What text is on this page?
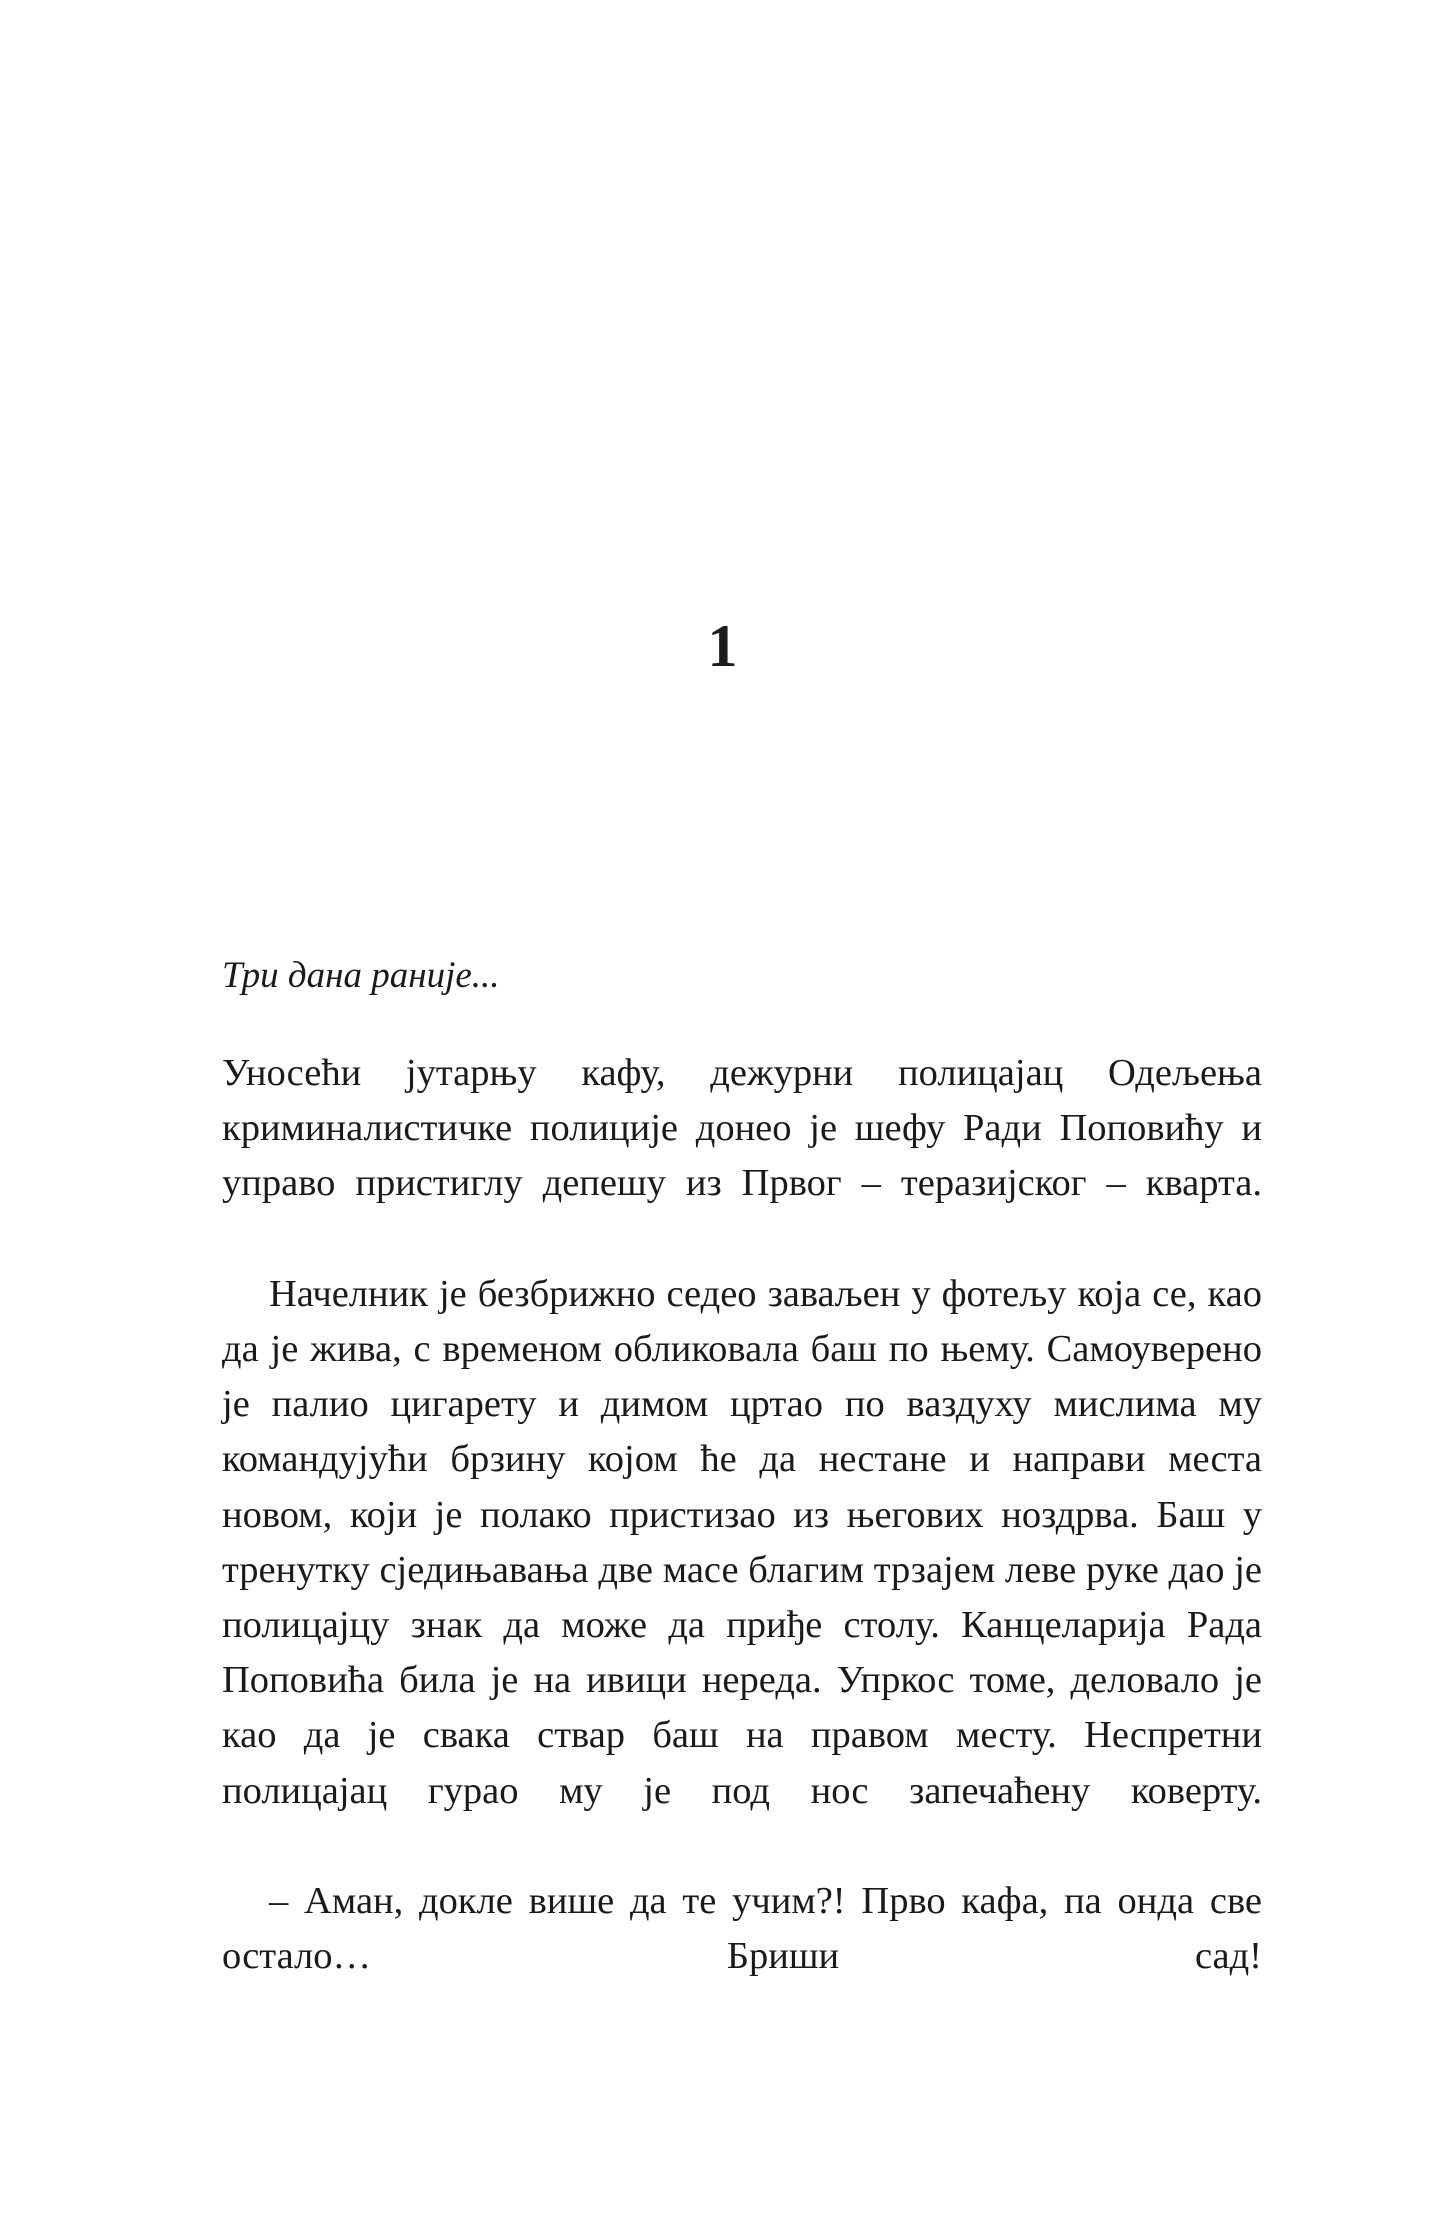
1

Три дана раније...

Уносећи јутарњу кафу, дежурни полицајац Одељења криминалистичке полиције донео је шефу Ради Поповићу и управо пристиглу депешу из Првог – теразијског – кварта.

Начелник је безбрижно седео заваљен у фотељу која се, као да је жива, с временом обликовала баш по њему. Самоуверено је палио цигарету и димом цртао по ваздуху мислима му командујући брзину којом ће да нестане и направи места новом, који је полако пристизао из његових ноздрва. Баш у тренутку сједињавања две масе благим трзајем леве руке дао је полицајцу знак да може да приђе столу. Канцеларија Рада Поповића била је на ивици нереда. Упркос томе, деловало је као да је свака ствар баш на правом месту. Неспретни полицајац гурао му је под нос запечаћену коверту.

– Аман, докле више да те учим?! Прво кафа, па онда све остало… Бриши сад!
